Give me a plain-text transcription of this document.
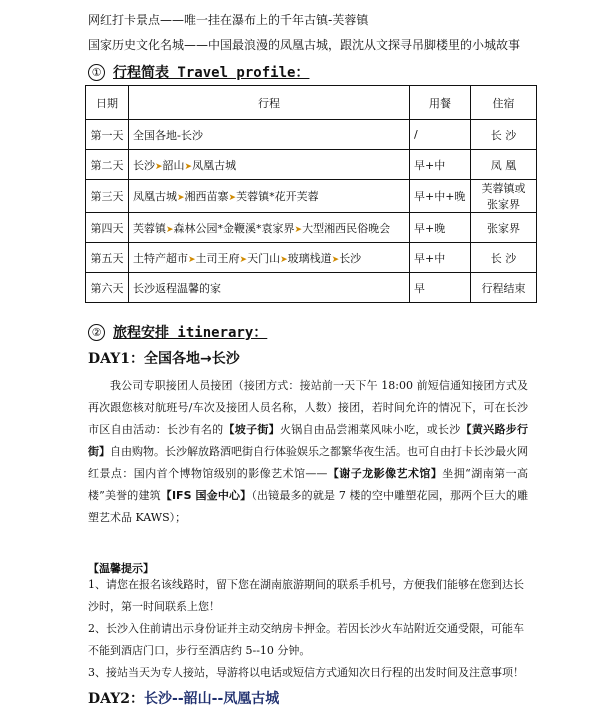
网红打卡景点——唯一挂在瀑布上的千年古镇-芙蓉镇
国家历史文化名城——中国最浪漫的凤凰古城，跟沈从文探寻吊脚楼里的小城故事
① 行程简表 Travel profile：
日期	行程	用餐	住宿
第一天	全国各地-长沙	/	长 沙

第二天	长沙➤韶山➤凤凰古城	早+中	凤 凰

第三天	凤凰古城➤湘西苗寨➤芙蓉镇*花开芙蓉	早+中+晚	芙蓉镇或
张家界

第四天	芙蓉镇➤森林公园*金鞭溪*袁家界➤大型湘西民俗晚会	早+晚	张家界

第五天	土特产超市➤土司王府➤天门山➤玻璃栈道➤长沙	早+中	长 沙

第六天	长沙返程温馨的家	早	行程结束
② 旅程安排 itinerary：
DAY1：全国各地→长沙
我公司专职接团人员接团（接团方式：接站前一天下午 18:00 前短信通知接团方式及再次跟您核对航班号/车次及接团人员名称，人数）接团，若时间允许的情况下，可在长沙市区自由活动：长沙有名的【坡子街】火锅自由品尝湘菜风味小吃，或长沙【黄兴路步行街】自由购物。长沙解放路酒吧街自行体验娱乐之都繁华夜生活。也可自由打卡长沙最火网红景点：国内首个博物馆级别的影像艺术馆——【谢子龙影像艺术馆】坐拥“湖南第一高楼”美誉的建筑【IFS 国金中心】（出镜最多的就是 7 楼的空中雕塑花园，那两个巨大的雕塑艺术品 KAWS）；
【温馨提示】
1、请您在报名该线路时，留下您在湖南旅游期间的联系手机号，方便我们能够在您到达长沙时，第一时间联系上您！
2、长沙入住前请出示身份证并主动交纳房卡押金。若因长沙火车站附近交通受限，可能车不能到酒店门口，步行至酒店约 5--10 分钟。
3、接站当天为专人接站，导游将以电话或短信方式通知次日行程的出发时间及注意事项！
DAY2：长沙--韶山--凤凰古城
